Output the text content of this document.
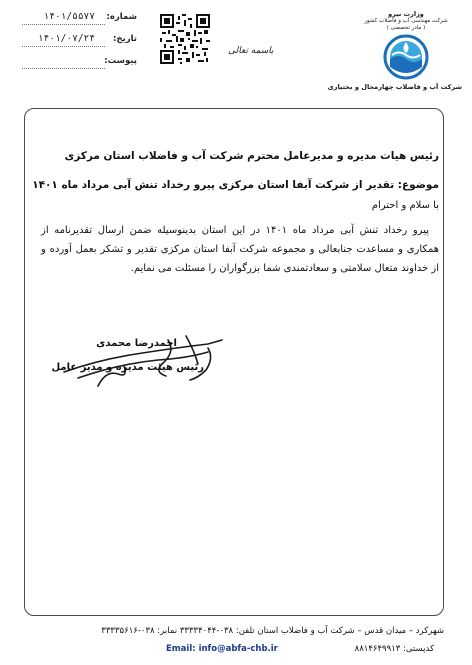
وزارت نیرو
شرکت مهندسی آب و فاضلاب کشور
( مادر تخصصی )
شرکت آب و فاضلاب چهارمحال و بختیاری
باسمه تعالی
شماره:
۱۴۰۱/۵۵۷۷
تاریخ:
۱۴۰۱/۰۷/۲۴
پیوست:
رئیس هیات مدیره و مدیرعامل محترم شرکت آب و فاضلاب استان مرکزی
موضوع: تقدیر از شرکت آبفا استان مرکزی پیرو رخداد تنش آبی مرداد ماه ۱۴۰۱
با سلام و احترام
پیرو رخداد تنش آبی مرداد ماه ۱۴۰۱ در این استان بدینوسیله ضمن ارسال تقدیرنامه از همکاری و مساعدت جنابعالی و مجموعه شرکت آبفا استان مرکزی تقدیر و تشکر بعمل آورده و از خداوند متعال سلامتی و سعادتمندی شما بزرگواران را مسئلت می نمایم.
احمدرضا محمدی
رئیس هیئت مدیره و مدیر عامل
شهرکرد – میدان قدس – شرکت آب و فاضلاب استان تلفن: ۰۳۸-۳۳۳۳۴۰۴۴ نمابر: ۰۳۸-۳۳۳۳۵۶۱۶
Email: info@abfa-chb.ir	کدپستی: ۸۸۱۴۶۴۹۹۱۳
